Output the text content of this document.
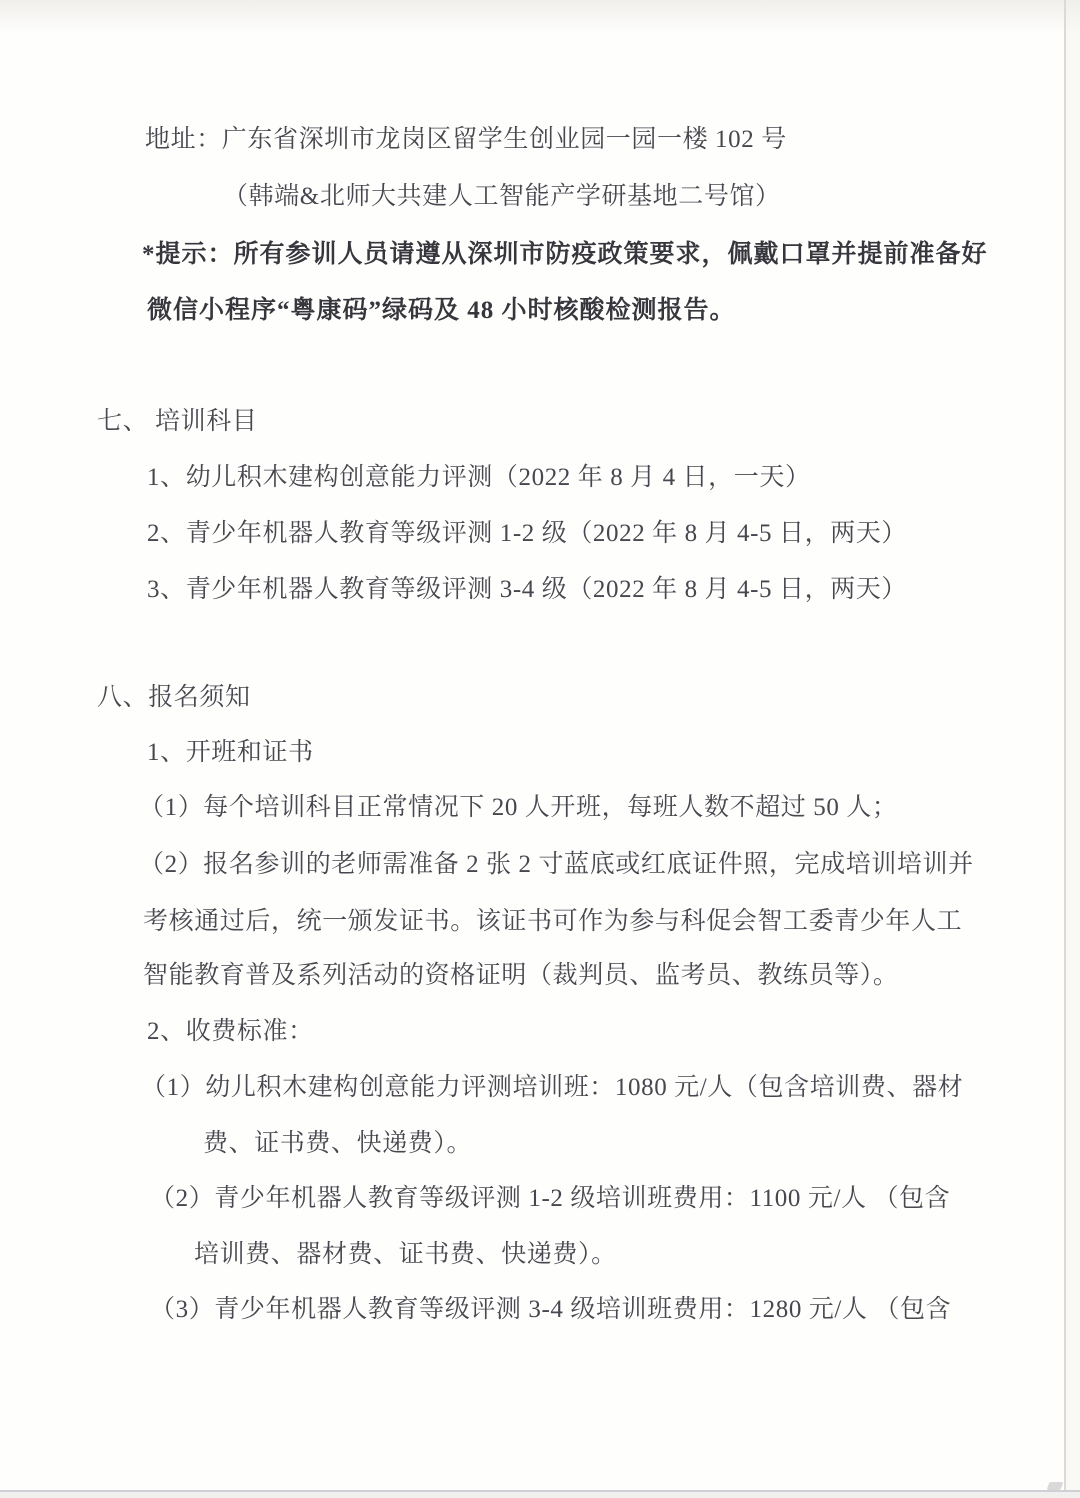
地址：广东省深圳市龙岗区留学生创业园一园一楼 102 号
（韩端&北师大共建人工智能产学研基地二号馆）
*提示：所有参训人员请遵从深圳市防疫政策要求，佩戴口罩并提前准备好
微信小程序“粤康码”绿码及 48 小时核酸检测报告。
七、 培训科目
1、幼儿积木建构创意能力评测（2022 年 8 月 4 日，一天）
2、青少年机器人教育等级评测 1-2 级（2022 年 8 月 4-5 日，两天）
3、青少年机器人教育等级评测 3-4 级（2022 年 8 月 4-5 日，两天）
八、报名须知
1、开班和证书
（1）每个培训科目正常情况下 20 人开班，每班人数不超过 50 人；
（2）报名参训的老师需准备 2 张 2 寸蓝底或红底证件照，完成培训培训并
考核通过后，统一颁发证书。该证书可作为参与科促会智工委青少年人工
智能教育普及系列活动的资格证明（裁判员、监考员、教练员等）。
2、收费标准：
（1）幼儿积木建构创意能力评测培训班：1080 元/人（包含培训费、器材
费、证书费、快递费）。
（2）青少年机器人教育等级评测 1-2 级培训班费用：1100 元/人 （包含
培训费、器材费、证书费、快递费）。
（3）青少年机器人教育等级评测 3-4 级培训班费用：1280 元/人 （包含
